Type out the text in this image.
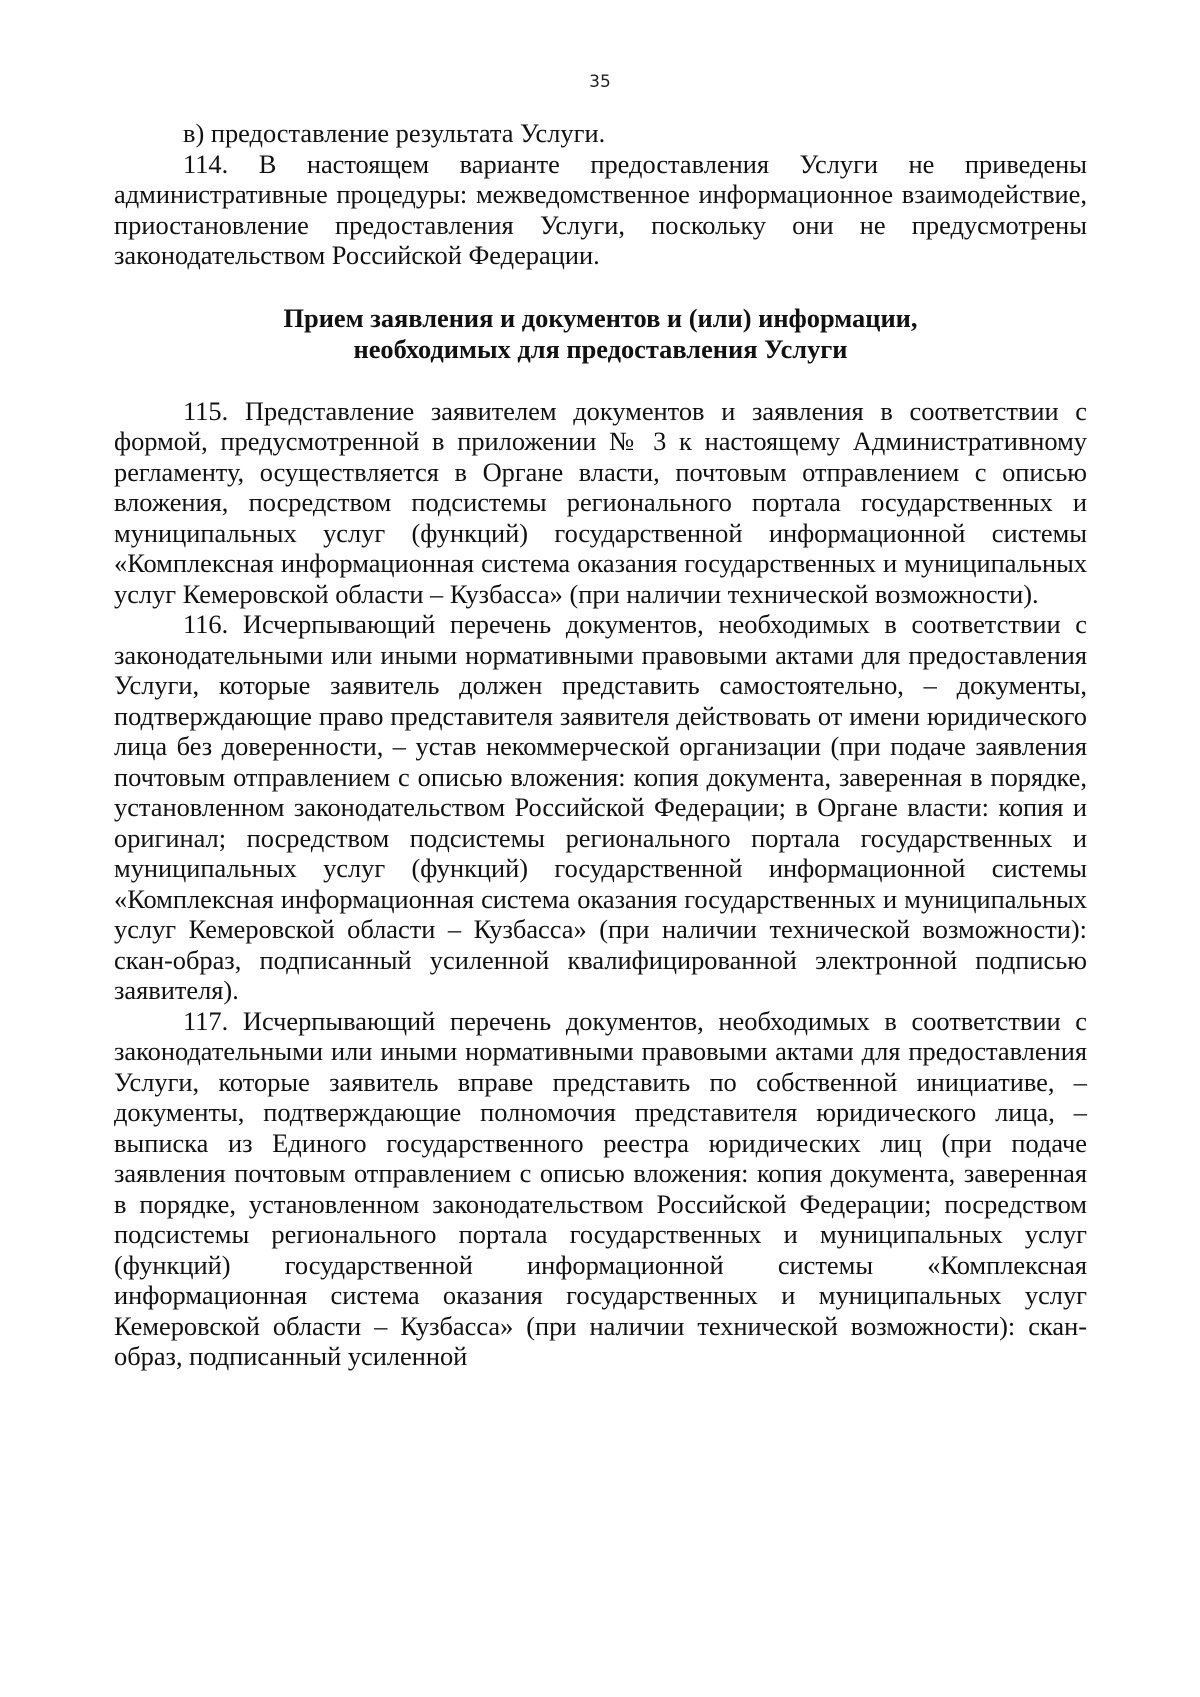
35

в) предоставление результата Услуги.

114. В настоящем варианте предоставления Услуги не приведены административные процедуры: межведомственное информационное взаимодействие, приостановление предоставления Услуги, поскольку они не предусмотрены законодательством Российской Федерации.

Прием заявления и документов и (или) информации,
необходимых для предоставления Услуги

115. Представление заявителем документов и заявления в соответствии с формой, предусмотренной в приложении № 3 к настоящему Административному регламенту, осуществляется в Органе власти, почтовым отправлением с описью вложения, посредством подсистемы регионального портала государственных и муниципальных услуг (функций) государственной информационной системы «Комплексная информационная система оказания государственных и муниципальных услуг Кемеровской области – Кузбасса» (при наличии технической возможности).

116. Исчерпывающий перечень документов, необходимых в соответствии с законодательными или иными нормативными правовыми актами для предоставления Услуги, которые заявитель должен представить самостоятельно, – документы, подтверждающие право представителя заявителя действовать от имени юридического лица без доверенности, – устав некоммерческой организации (при подаче заявления почтовым отправлением с описью вложения: копия документа, заверенная в порядке, установленном законодательством Российской Федерации; в Органе власти: копия и оригинал; посредством подсистемы регионального портала государственных и муниципальных услуг (функций) государственной информационной системы «Комплексная информационная система оказания государственных и муниципальных услуг Кемеровской области – Кузбасса» (при наличии технической возможности): скан-образ, подписанный усиленной квалифицированной электронной подписью заявителя).

117. Исчерпывающий перечень документов, необходимых в соответствии с законодательными или иными нормативными правовыми актами для предоставления Услуги, которые заявитель вправе представить по собственной инициативе, – документы, подтверждающие полномочия представителя юридического лица, – выписка из Единого государственного реестра юридических лиц (при подаче заявления почтовым отправлением с описью вложения: копия документа, заверенная в порядке, установленном законодательством Российской Федерации; посредством подсистемы регионального портала государственных и муниципальных услуг (функций) государственной информационной системы «Комплексная информационная система оказания государственных и муниципальных услуг Кемеровской области – Кузбасса» (при наличии технической возможности): скан-образ, подписанный усиленной
